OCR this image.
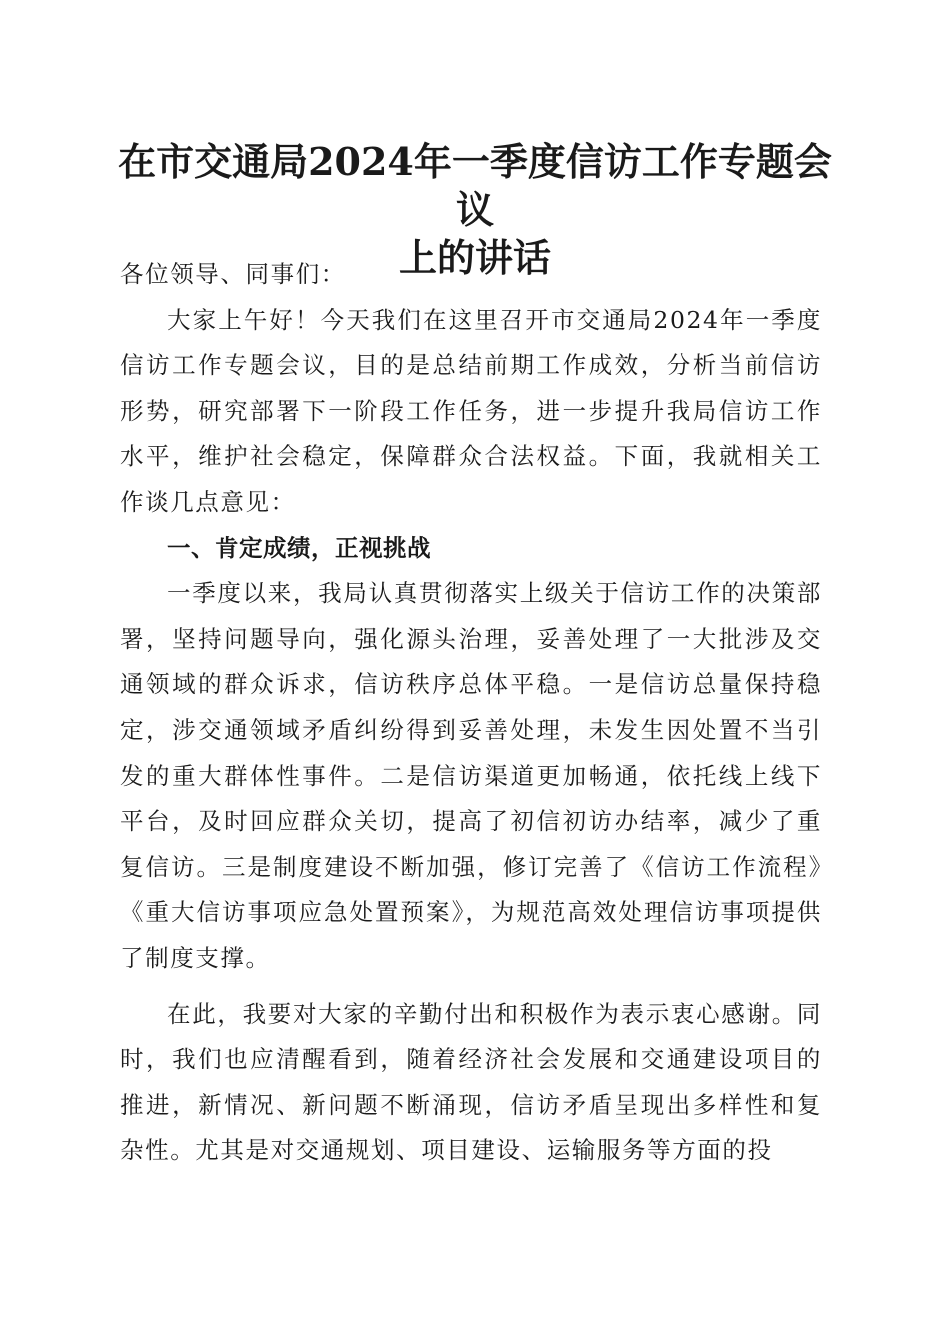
在市交通局2024年一季度信访工作专题会议
上的讲话

各位领导、同事们：

大家上午好！今天我们在这里召开市交通局2024年一季度信访工作专题会议，目的是总结前期工作成效，分析当前信访形势，研究部署下一阶段工作任务，进一步提升我局信访工作水平，维护社会稳定，保障群众合法权益。下面，我就相关工作谈几点意见：

一、肯定成绩，正视挑战

一季度以来，我局认真贯彻落实上级关于信访工作的决策部署，坚持问题导向，强化源头治理，妥善处理了一大批涉及交通领域的群众诉求，信访秩序总体平稳。一是信访总量保持稳定，涉交通领域矛盾纠纷得到妥善处理，未发生因处置不当引发的重大群体性事件。二是信访渠道更加畅通，依托线上线下平台，及时回应群众关切，提高了初信初访办结率，减少了重复信访。三是制度建设不断加强，修订完善了《信访工作流程》《重大信访事项应急处置预案》，为规范高效处理信访事项提供了制度支撑。

在此，我要对大家的辛勤付出和积极作为表示衷心感谢。同时，我们也应清醒看到，随着经济社会发展和交通建设项目的推进，新情况、新问题不断涌现，信访矛盾呈现出多样性和复杂性。尤其是对交通规划、项目建设、运输服务等方面的投
